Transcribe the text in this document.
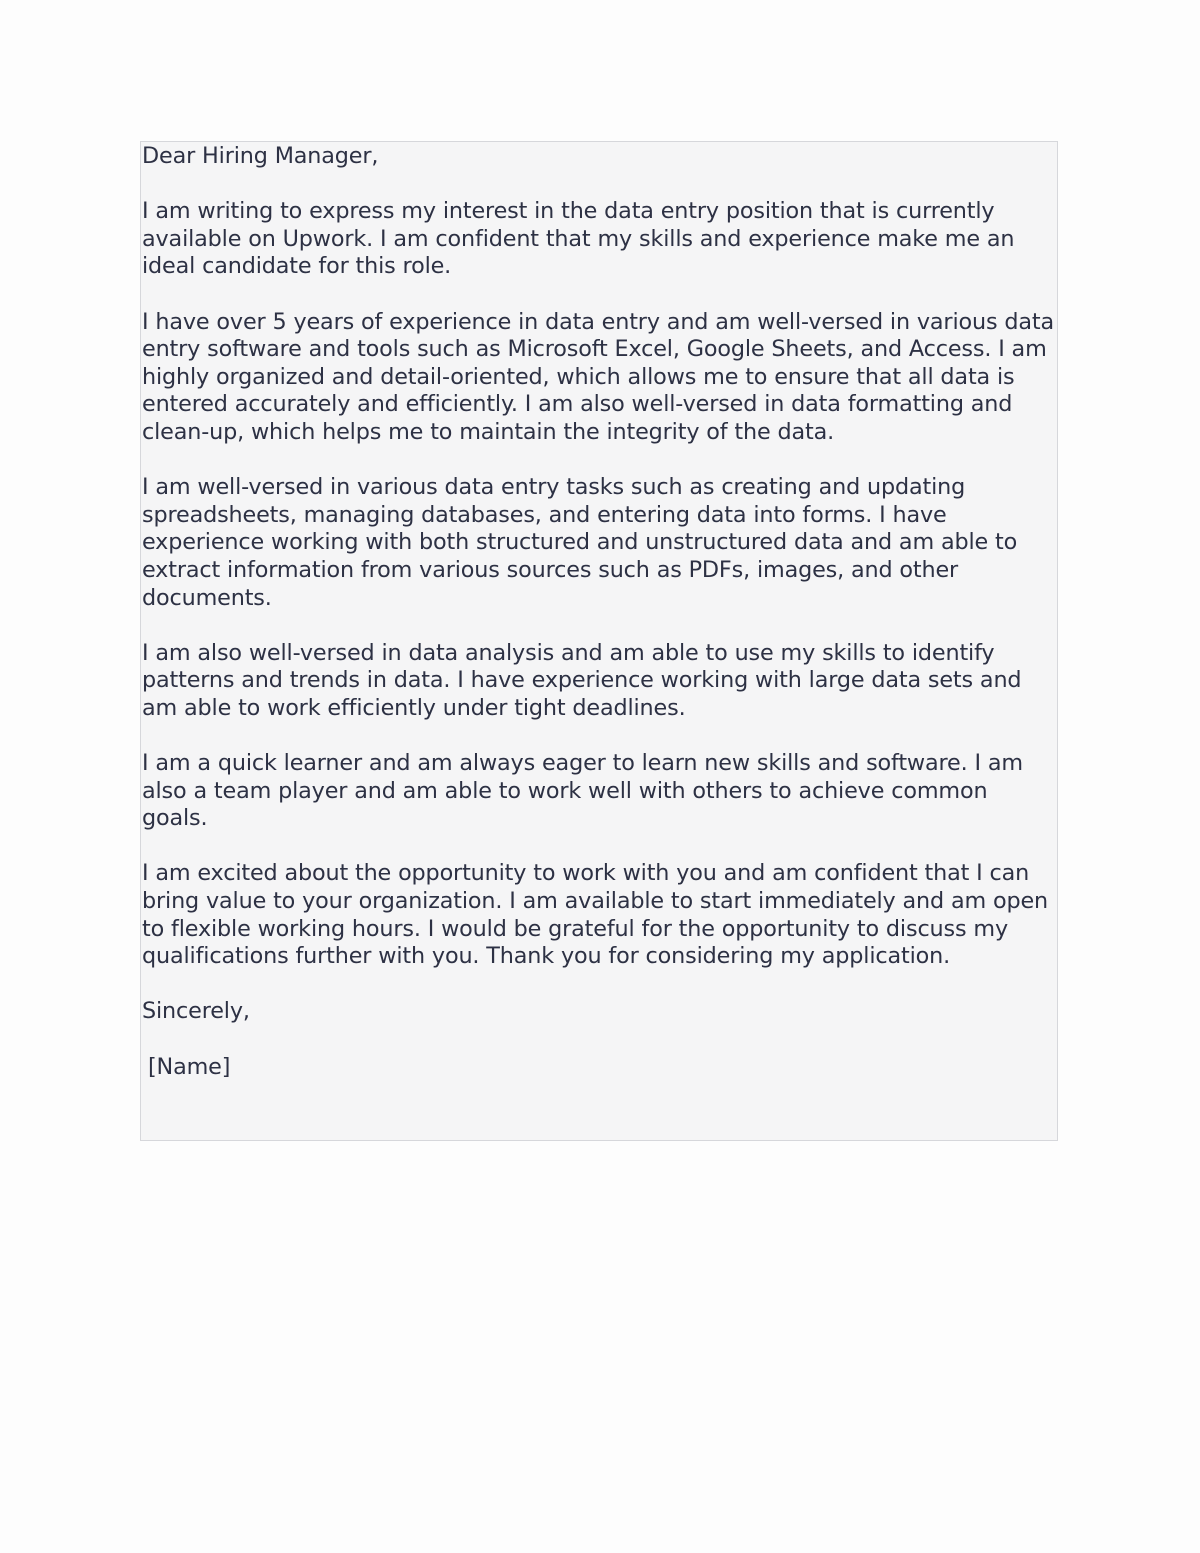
Dear Hiring Manager,

I am writing to express my interest in the data entry position that is currently available on Upwork. I am confident that my skills and experience make me an ideal candidate for this role.

I have over 5 years of experience in data entry and am well-versed in various data entry software and tools such as Microsoft Excel, Google Sheets, and Access. I am highly organized and detail-oriented, which allows me to ensure that all data is entered accurately and efficiently. I am also well-versed in data formatting and clean-up, which helps me to maintain the integrity of the data.

I am well-versed in various data entry tasks such as creating and updating spreadsheets, managing databases, and entering data into forms. I have experience working with both structured and unstructured data and am able to extract information from various sources such as PDFs, images, and other documents.

I am also well-versed in data analysis and am able to use my skills to identify patterns and trends in data. I have experience working with large data sets and am able to work efficiently under tight deadlines.

I am a quick learner and am always eager to learn new skills and software. I am also a team player and am able to work well with others to achieve common goals.

I am excited about the opportunity to work with you and am confident that I can bring value to your organization. I am available to start immediately and am open to flexible working hours. I would be grateful for the opportunity to discuss my qualifications further with you. Thank you for considering my application.

Sincerely,

[Name]
